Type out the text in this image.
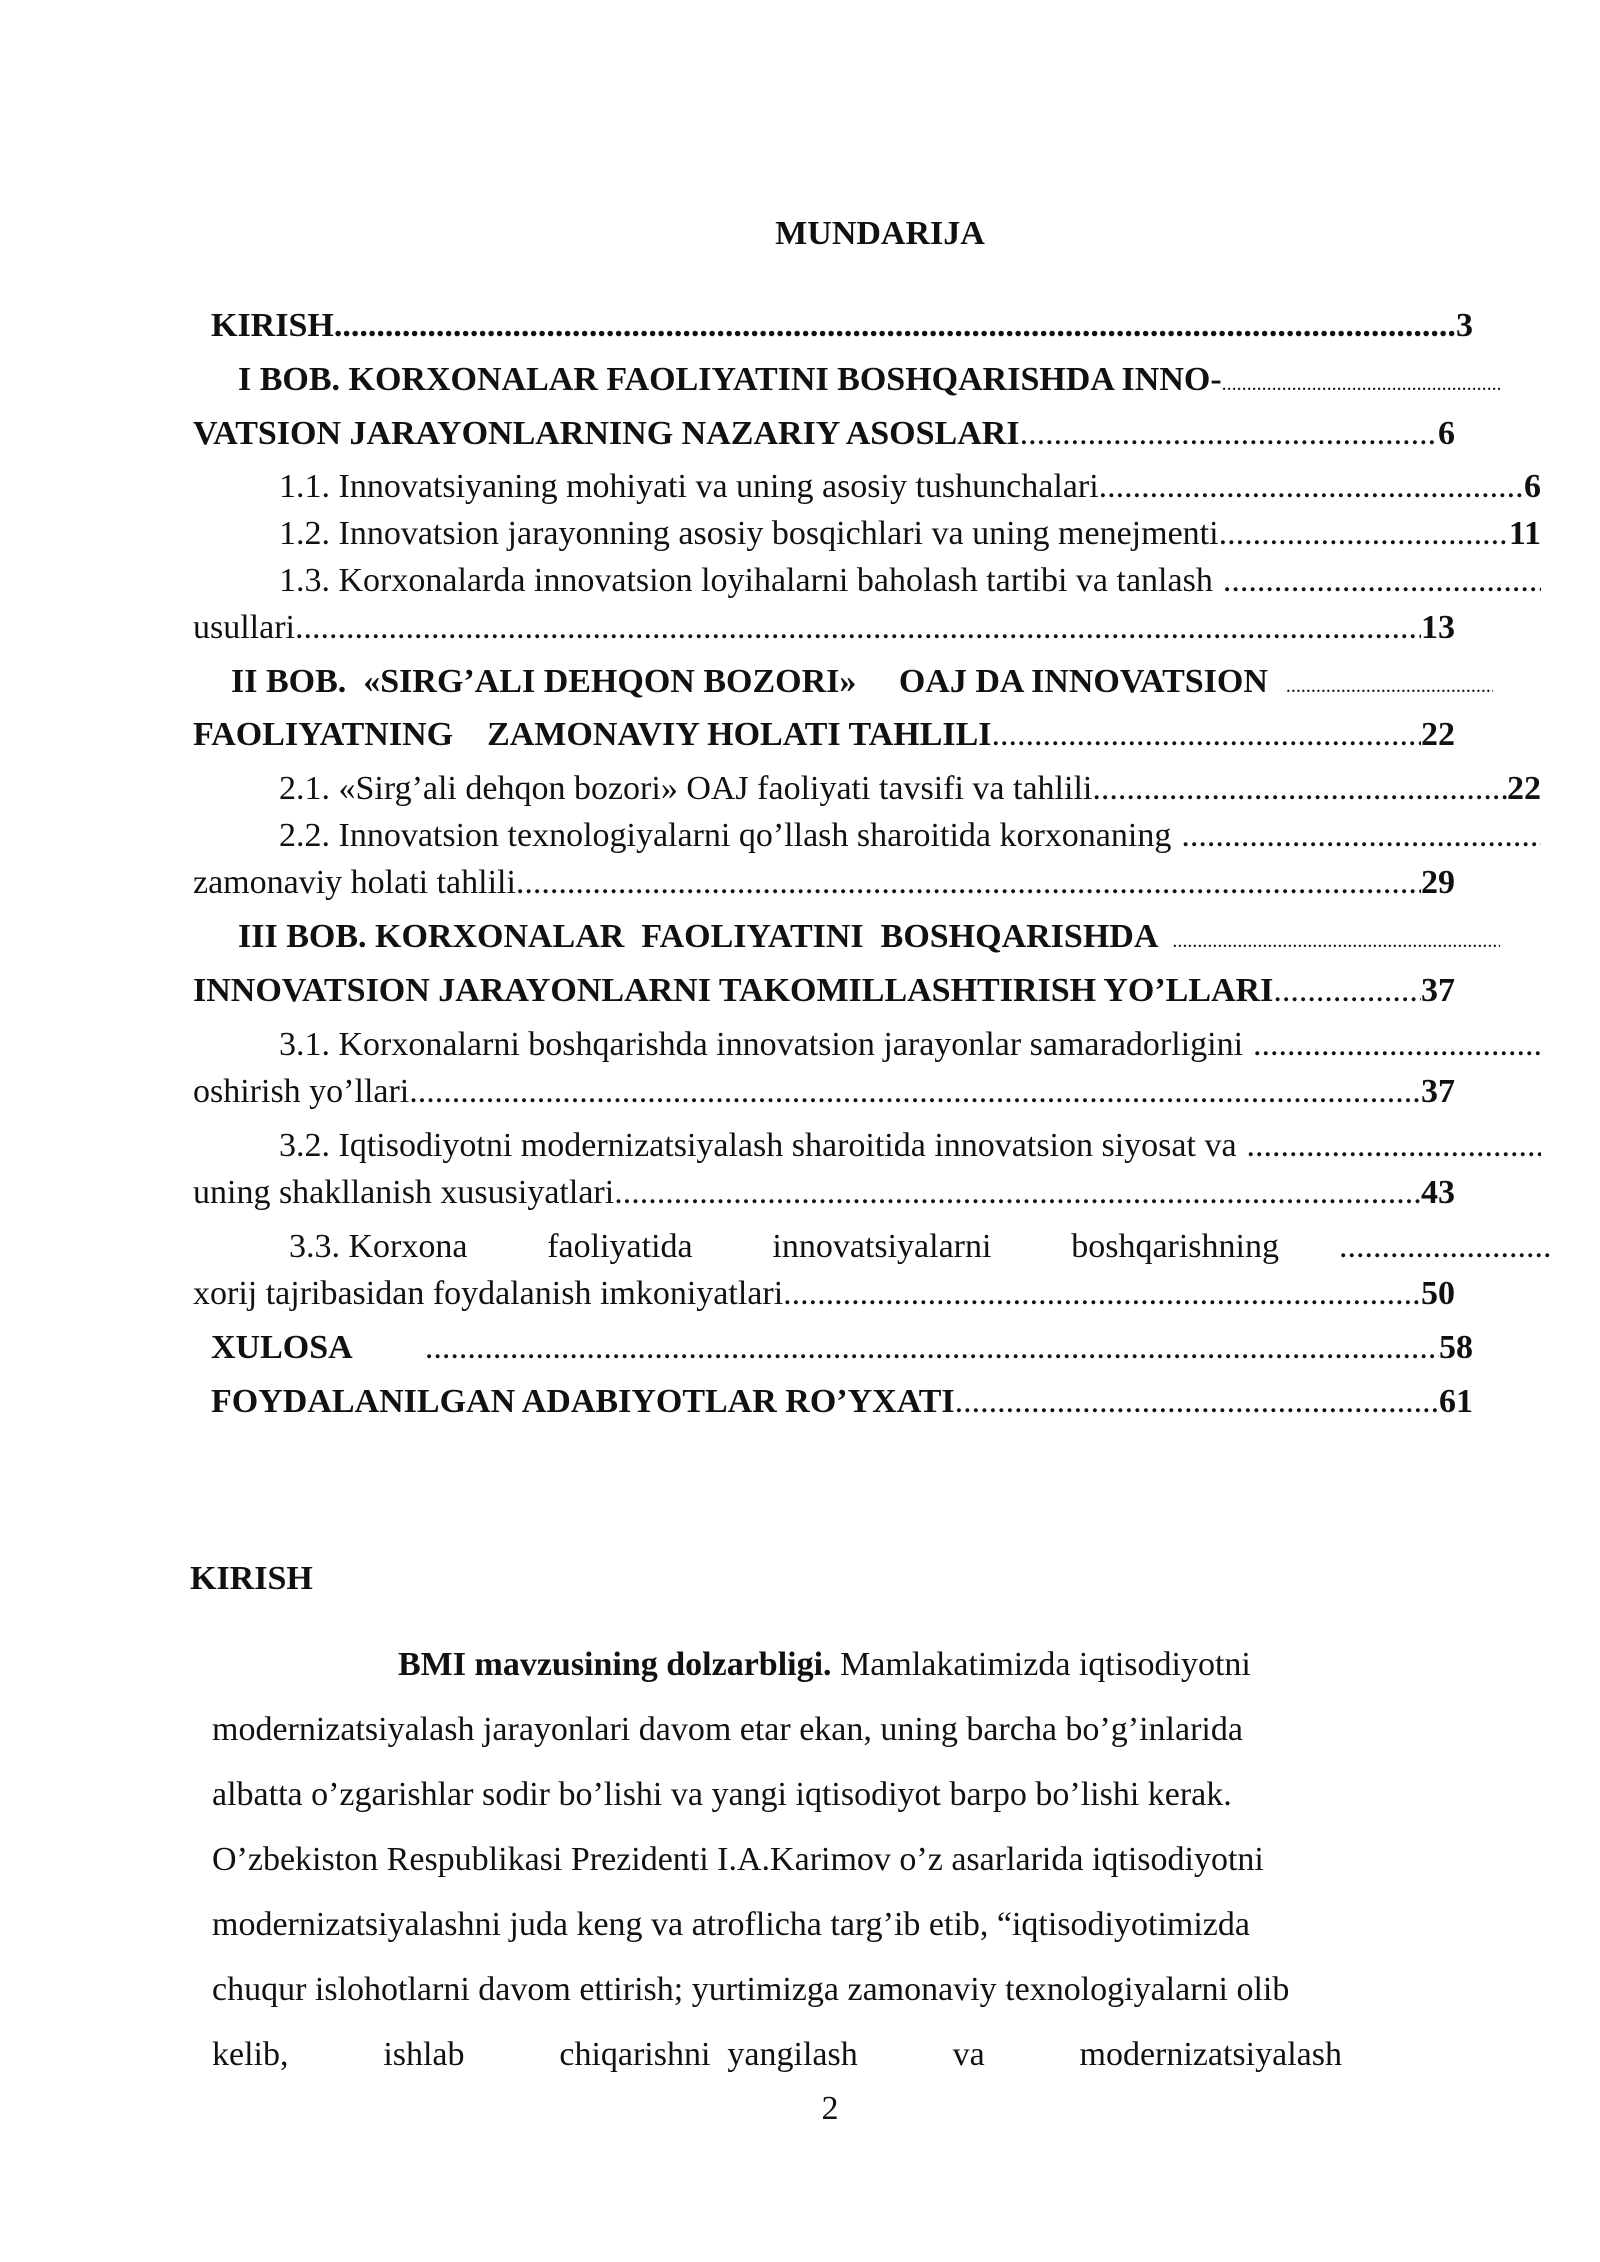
MUNDARIJA
KIRISH .....	3
I BOB. KORXONALAR FAOLIYATINI BOSHQARISHDA INNO-
.....
VATSION JARAYONLARNING NAZARIY ASOSLARI .....	6
1.1. Innovatsiyaning mohiyati va uning asosiy tushunchalari .....	6
1.2. Innovatsion jarayonning asosiy bosqichlari va uning menejmenti .....	11
1.3. Korxonalarda innovatsion loyihalarni baholash tartibi va tanlash
.....
usullari .....	13
II BOB.  «SIRG’ALI DEHQON BOZORI»     OAJ DA INNOVATSION
.....
FAOLIYATNING    ZAMONAVIY HOLATI TAHLILI .....	22
2.1. «Sirg’ali dehqon bozori» OAJ faoliyati tavsifi va tahlili .....	22
2.2. Innovatsion texnologiyalarni qo’llash sharoitida korxonaning
.....
zamonaviy holati tahlili .....	29
III BOB. KORXONALAR  FAOLIYATINI  BOSHQARISHDA
.....
INNOVATSION JARAYONLARNI TAKOMILLASHTIRISH YO’LLARI .....	37
3.1. Korxonalarni boshqarishda innovatsion jarayonlar samaradorligini
.....
oshirish yo’llari .....	37
3.2. Iqtisodiyotni modernizatsiyalash sharoitida innovatsion siyosat va
.....
uning shakllanish xususiyatlari .....	43
3.3. Korxona faoliyatida innovatsiyalarni boshqarishning
.....
xorij tajribasidan foydalanish imkoniyatlari .....	50
XULOSA .....	58
FOYDALANILGAN ADABIYOTLAR RO’YXATI .....	61
KIRISH

BMI mavzusining dolzarbligi. Mamlakatimizda iqtisodiyotni

modernizatsiyalash jarayonlari davom etar ekan, uning barcha bo’g’inlarida

albatta o’zgarishlar sodir bo’lishi va yangi iqtisodiyot barpo bo’lishi kerak.

O’zbekiston Respublikasi Prezidenti I.A.Karimov o’z asarlarida iqtisodiyotni

modernizatsiyalashni juda keng va atroflicha targ’ib etib, “iqtisodiyotimizda

chuqur islohotlarni davom ettirish; yurtimizga zamonaviy texnologiyalarni olib

kelib,	ishlab	chiqarishni  yangilash	va	modernizatsiyalash

2
